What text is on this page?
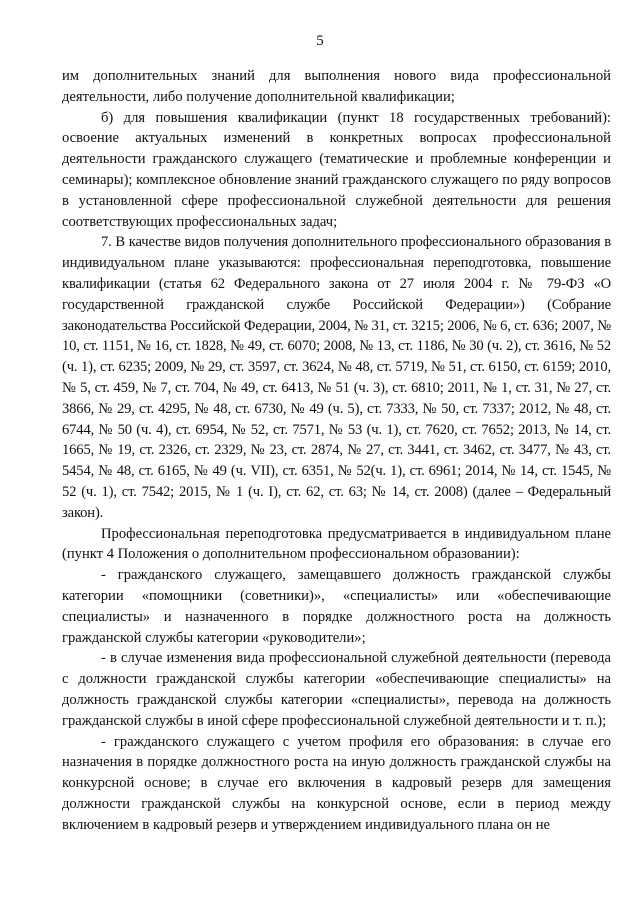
5

им дополнительных знаний для выполнения нового вида профессиональной деятельности, либо получение дополнительной квалификации;

б) для повышения квалификации (пункт 18 государственных требований): освоение актуальных изменений в конкретных вопросах профессиональной деятельности гражданского служащего (тематические и проблемные конференции и семинары); комплексное обновление знаний гражданского служащего по ряду вопросов в установленной сфере профессиональной служебной деятельности для решения соответствующих профессиональных задач;

7. В качестве видов получения дополнительного профессионального образования в индивидуальном плане указываются: профессиональная переподготовка, повышение квалификации (статья 62 Федерального закона от 27 июля 2004 г. № 79-ФЗ «О государственной гражданской службе Российской Федерации») (Собрание законодательства Российской Федерации, 2004, № 31, ст. 3215; 2006, № 6, ст. 636; 2007, № 10, ст. 1151, № 16, ст. 1828, № 49, ст. 6070; 2008, № 13, ст. 1186, № 30 (ч. 2), ст. 3616, № 52 (ч. 1), ст. 6235; 2009, № 29, ст. 3597, ст. 3624, № 48, ст. 5719, № 51, ст. 6150, ст. 6159; 2010, № 5, ст. 459, № 7, ст. 704, № 49, ст. 6413, № 51 (ч. 3), ст. 6810; 2011, № 1, ст. 31, № 27, ст. 3866, № 29, ст. 4295, № 48, ст. 6730, № 49 (ч. 5), ст. 7333, № 50, ст. 7337; 2012, № 48, ст. 6744, № 50 (ч. 4), ст. 6954, № 52, ст. 7571, № 53 (ч. 1), ст. 7620, ст. 7652; 2013, № 14, ст. 1665, № 19, ст. 2326, ст. 2329, № 23, ст. 2874, № 27, ст. 3441, ст. 3462, ст. 3477, № 43, ст. 5454, № 48, ст. 6165, № 49 (ч. VII), ст. 6351, № 52(ч. 1), ст. 6961; 2014, № 14, ст. 1545, № 52 (ч. 1), ст. 7542; 2015, № 1 (ч. I), ст. 62, ст. 63; № 14, ст. 2008) (далее – Федеральный закон).

Профессиональная переподготовка предусматривается в индивидуальном плане (пункт 4 Положения о дополнительном профессиональном образовании):

- гражданского служащего, замещавшего должность гражданской службы категории «помощники (советники)», «специалисты» или «обеспечивающие специалисты» и назначенного в порядке должностного роста на должность гражданской службы категории «руководители»;

- в случае изменения вида профессиональной служебной деятельности (перевода с должности гражданской службы категории «обеспечивающие специалисты» на должность гражданской службы категории «специалисты», перевода на должность гражданской службы в иной сфере профессиональной служебной деятельности и т. п.);

- гражданского служащего с учетом профиля его образования: в случае его назначения в порядке должностного роста на иную должность гражданской службы на конкурсной основе; в случае его включения в кадровый резерв для замещения должности гражданской службы на конкурсной основе, если в период между включением в кадровый резерв и утверждением индивидуального плана он не
